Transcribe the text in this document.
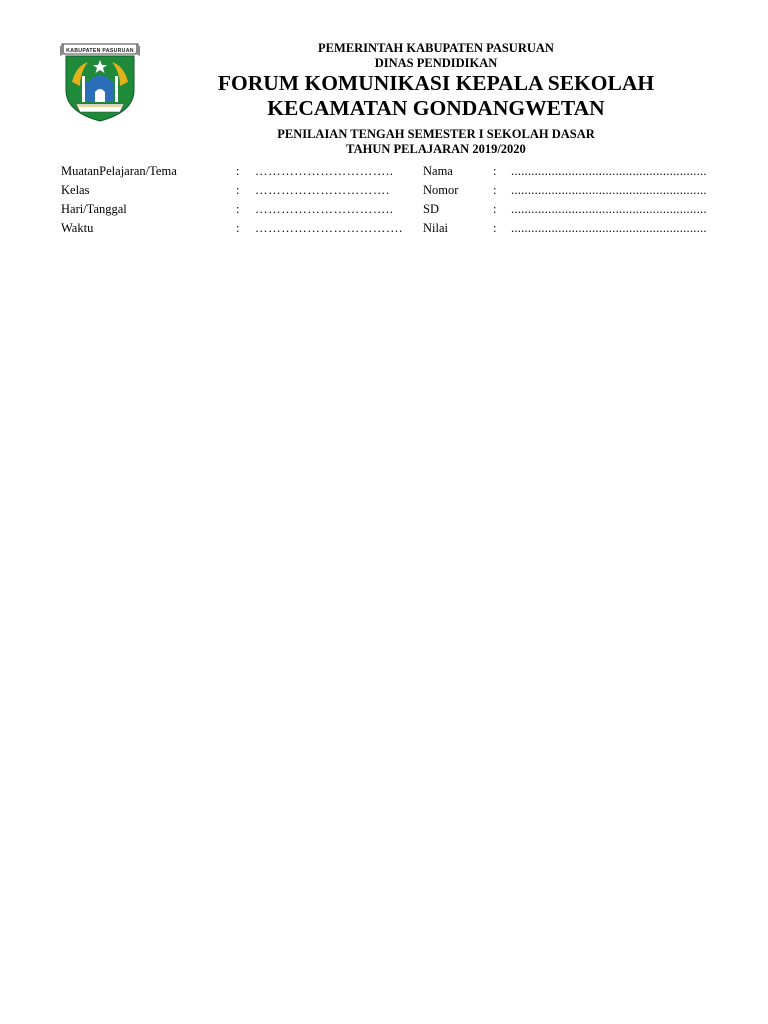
KABUPATEN PASURUAN	PEMERINTAH KABUPATEN PASURUAN

DINAS PENDIDIKAN

FORUM KOMUNIKASI KEPALA SEKOLAH

KECAMATAN GONDANGWETAN

PENILAIAN TENGAH SEMESTER I SEKOLAH DASAR

TAHUN PELAJARAN 2019/2020

MuatanPelajaran/Tema	: ………………………….. Nama	: ..........................................................
Kelas	: ………………………….	Nomor	: ..........................................................
Hari/Tanggal	: ………………………….. SD	: ..........................................................
Waktu	: ……………………………. Nilai	: ..........................................................
